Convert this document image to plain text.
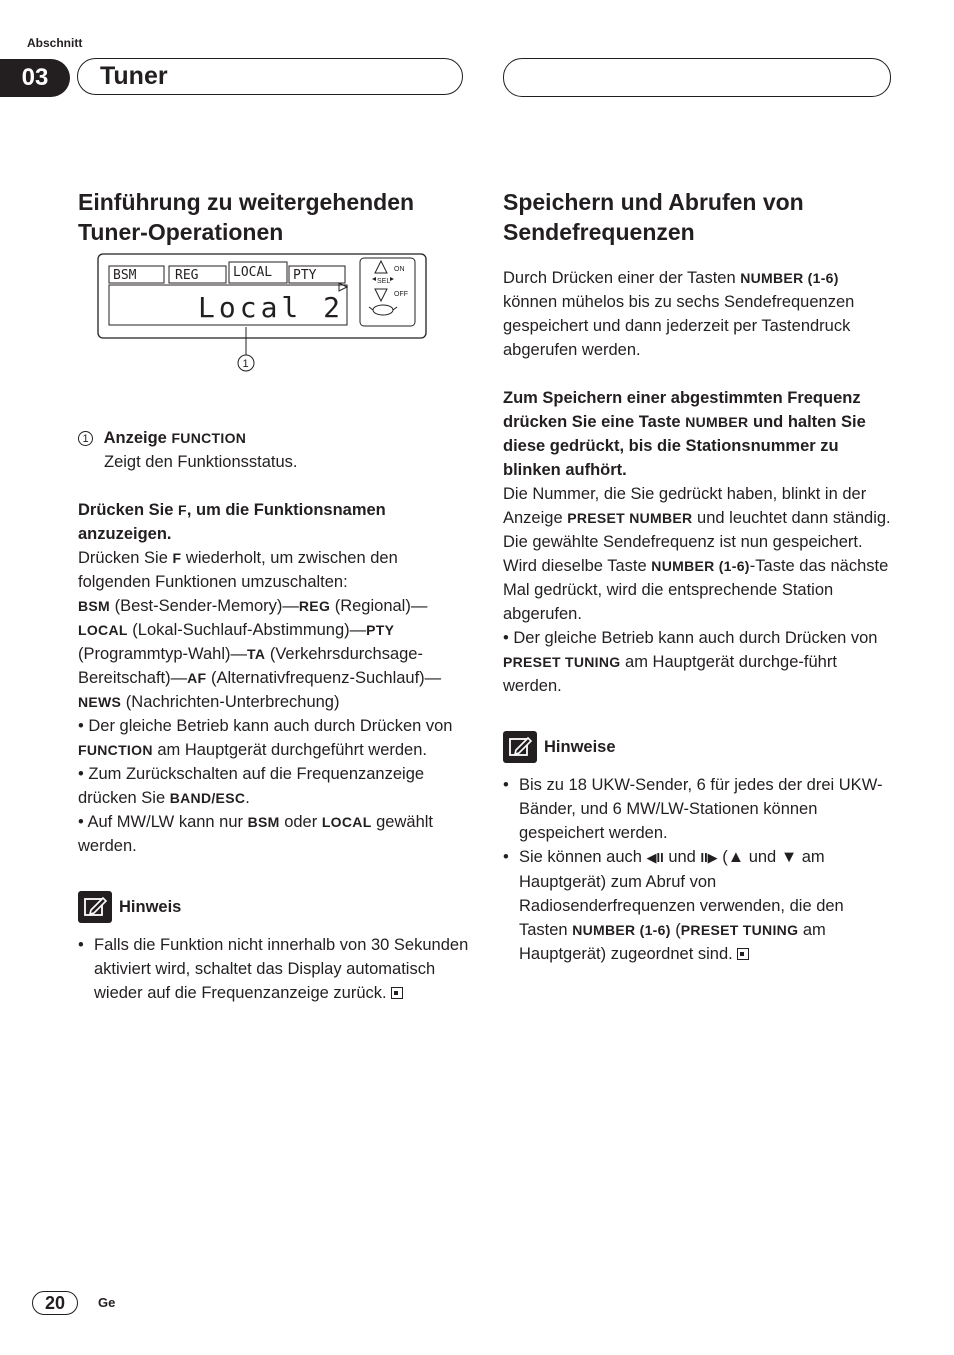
Abschnitt
03	Tuner
Einführung zu weitergehenden Tuner-Operationen
BSM	REG	LOCAL PTY
Local 2
ON
SEL
OFF
1

1 Anzeige FUNCTION

Zeigt den Funktionsstatus.

Drücken Sie F, um die Funktionsnamen anzuzeigen.

Drücken Sie F wiederholt, um zwischen den folgenden Funktionen umzuschalten:

BSM (Best-Sender-Memory)—REG (Regional)—LOCAL (Lokal-Suchlauf-Abstimmung)—PTY (Programmtyp-Wahl)—TA (Verkehrsdurchsage-Bereitschaft)—AF (Alternativfrequenz-Suchlauf)—NEWS (Nachrichten-Unterbrechung)

• Der gleiche Betrieb kann auch durch Drücken von FUNCTION am Hauptgerät durchgeführt werden.

• Zum Zurückschalten auf die Frequenzanzeige drücken Sie BAND/ESC.

• Auf MW/LW kann nur BSM oder LOCAL gewählt werden.

Hinweis
• Falls die Funktion nicht innerhalb von 30 Sekunden aktiviert wird, schaltet das Display automatisch wieder auf die Frequenzanzeige zurück.
Speichern und Abrufen von Sendefrequenzen

Durch Drücken einer der Tasten NUMBER (1-6) können mühelos bis zu sechs Sendefrequenzen gespeichert und dann jederzeit per Tastendruck abgerufen werden.

Zum Speichern einer abgestimmten Frequenz drücken Sie eine Taste NUMBER und halten Sie diese gedrückt, bis die Stationsnummer zu blinken aufhört.

Die Nummer, die Sie gedrückt haben, blinkt in der Anzeige PRESET NUMBER und leuchtet dann ständig. Die gewählte Sendefrequenz ist nun gespeichert.

Wird dieselbe Taste NUMBER (1-6)-Taste das nächste Mal gedrückt, wird die entsprechende Station abgerufen.

• Der gleiche Betrieb kann auch durch Drücken von PRESET TUNING am Hauptgerät durchge-führt werden.

Hinweise
• Bis zu 18 UKW-Sender, 6 für jedes der drei UKW-Bänder, und 6 MW/LW-Stationen können gespeichert werden.
• Sie können auch ◀II und II▶ (▲ und ▼ am Hauptgerät) zum Abruf von Radiosenderfrequenzen verwenden, die den Tasten NUMBER (1-6) (PRESET TUNING am Hauptgerät) zugeordnet sind.
20	Ge
